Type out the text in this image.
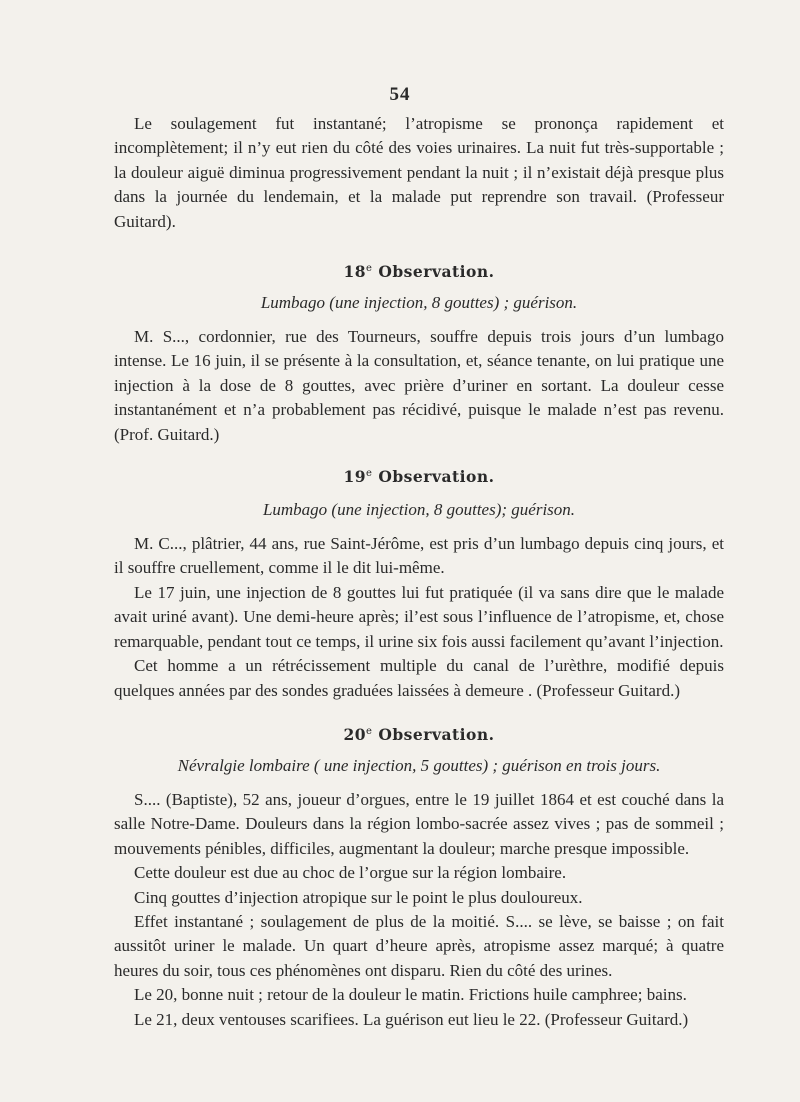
54

Le soulagement fut instantané; l’atropisme se prononça rapidement et incomplètement; il n’y eut rien du côté des voies urinaires. La nuit fut très-supportable ; la douleur aiguë diminua progressivement pendant la nuit ; il n’existait déjà presque plus dans la journée du lendemain, et la malade put reprendre son travail. (Professeur Guitard).

18e Observation.

Lumbago (une injection, 8 gouttes) ; guérison.

M. S..., cordonnier, rue des Tourneurs, souffre depuis trois jours d’un lumbago intense. Le 16 juin, il se présente à la consultation, et, séance tenante, on lui pratique une injection à la dose de 8 gouttes, avec prière d’uriner en sortant. La douleur cesse instantanément et n’a probablement pas récidivé, puisque le malade n’est pas revenu. (Prof. Guitard.)

19e Observation.

Lumbago (une injection, 8 gouttes); guérison.

M. C..., plâtrier, 44 ans, rue Saint-Jérôme, est pris d’un lumbago depuis cinq jours, et il souffre cruellement, comme il le dit lui-même.

Le 17 juin, une injection de 8 gouttes lui fut pratiquée (il va sans dire que le malade avait uriné avant). Une demi-heure après; il’est sous l’influence de l’atropisme, et, chose remarquable, pendant tout ce temps, il urine six fois aussi facilement qu’avant l’injection.

Cet homme a un rétrécissement multiple du canal de l’urèthre, modifié depuis quelques années par des sondes graduées laissées à demeure . (Professeur Guitard.)

20e Observation.

Névralgie lombaire ( une injection, 5 gouttes) ; guérison en trois jours.

S.... (Baptiste), 52 ans, joueur d’orgues, entre le 19 juillet 1864 et est couché dans la salle Notre-Dame. Douleurs dans la région lombo-sacrée assez vives ; pas de sommeil ; mouvements pénibles, difficiles, augmentant la douleur; marche presque impossible.

Cette douleur est due au choc de l’orgue sur la région lombaire.

Cinq gouttes d’injection atropique sur le point le plus douloureux.

Effet instantané ; soulagement de plus de la moitié. S.... se lève, se baisse ; on fait aussitôt uriner le malade. Un quart d’heure après, atropisme assez marqué; à quatre heures du soir, tous ces phénomènes ont disparu. Rien du côté des urines.

Le 20, bonne nuit ; retour de la douleur le matin. Frictions huile camphree; bains.

Le 21, deux ventouses scarifiees. La guérison eut lieu le 22. (Professeur Guitard.)
